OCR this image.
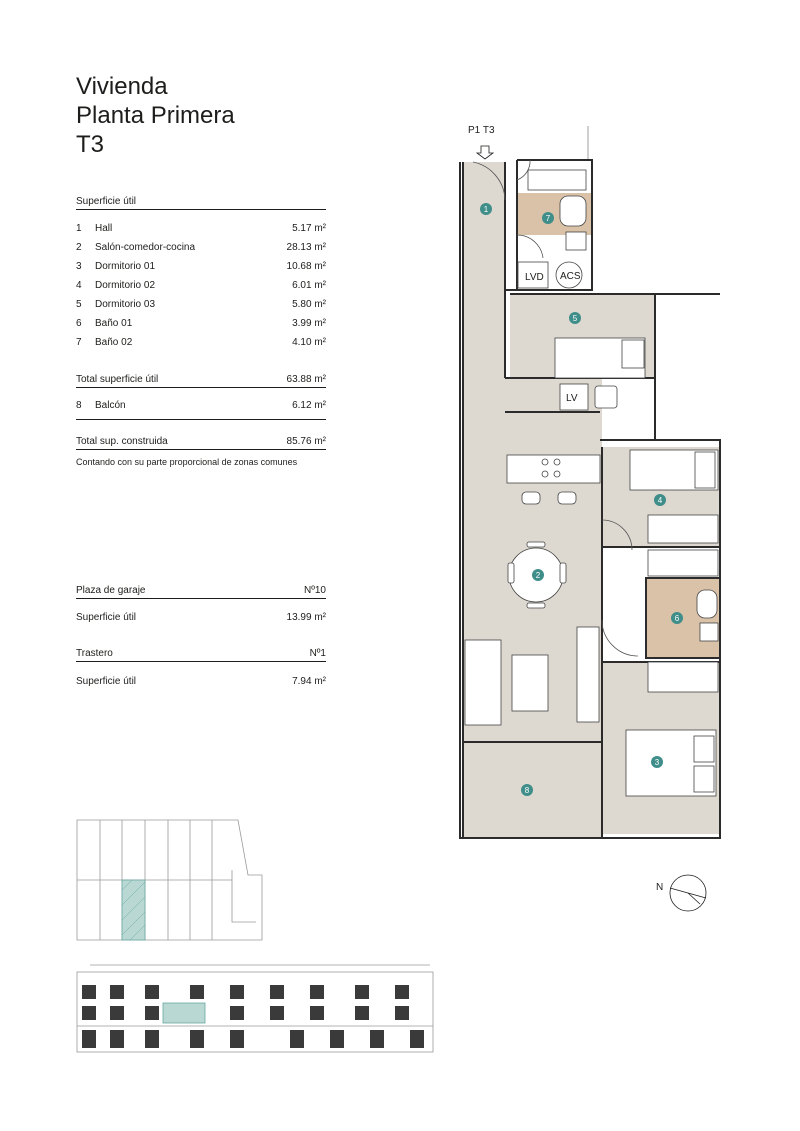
Vivienda
Planta Primera
T3
Superficie útil
1 Hall	5.17 m²
2 Salón-comedor-cocina	28.13 m²
3 Dormitorio 01	10.68 m²
4 Dormitorio 02	6.01 m²
5 Dormitorio 03	5.80 m²
6 Baño 01	3.99 m²
7 Baño 02	4.10 m²
Total superficie útil	63.88 m²
8 Balcón	6.12 m²
Total sup. construida	85.76 m²
Contando con su parte proporcional de zonas comunes
Plaza de garaje	Nº10
Superficie útil	13.99 m²
Trastero	Nº1
Superficie útil	7.94 m²
P1 T3
LVD ACS
LV
1
2
3
4
5
6
7
8
N
